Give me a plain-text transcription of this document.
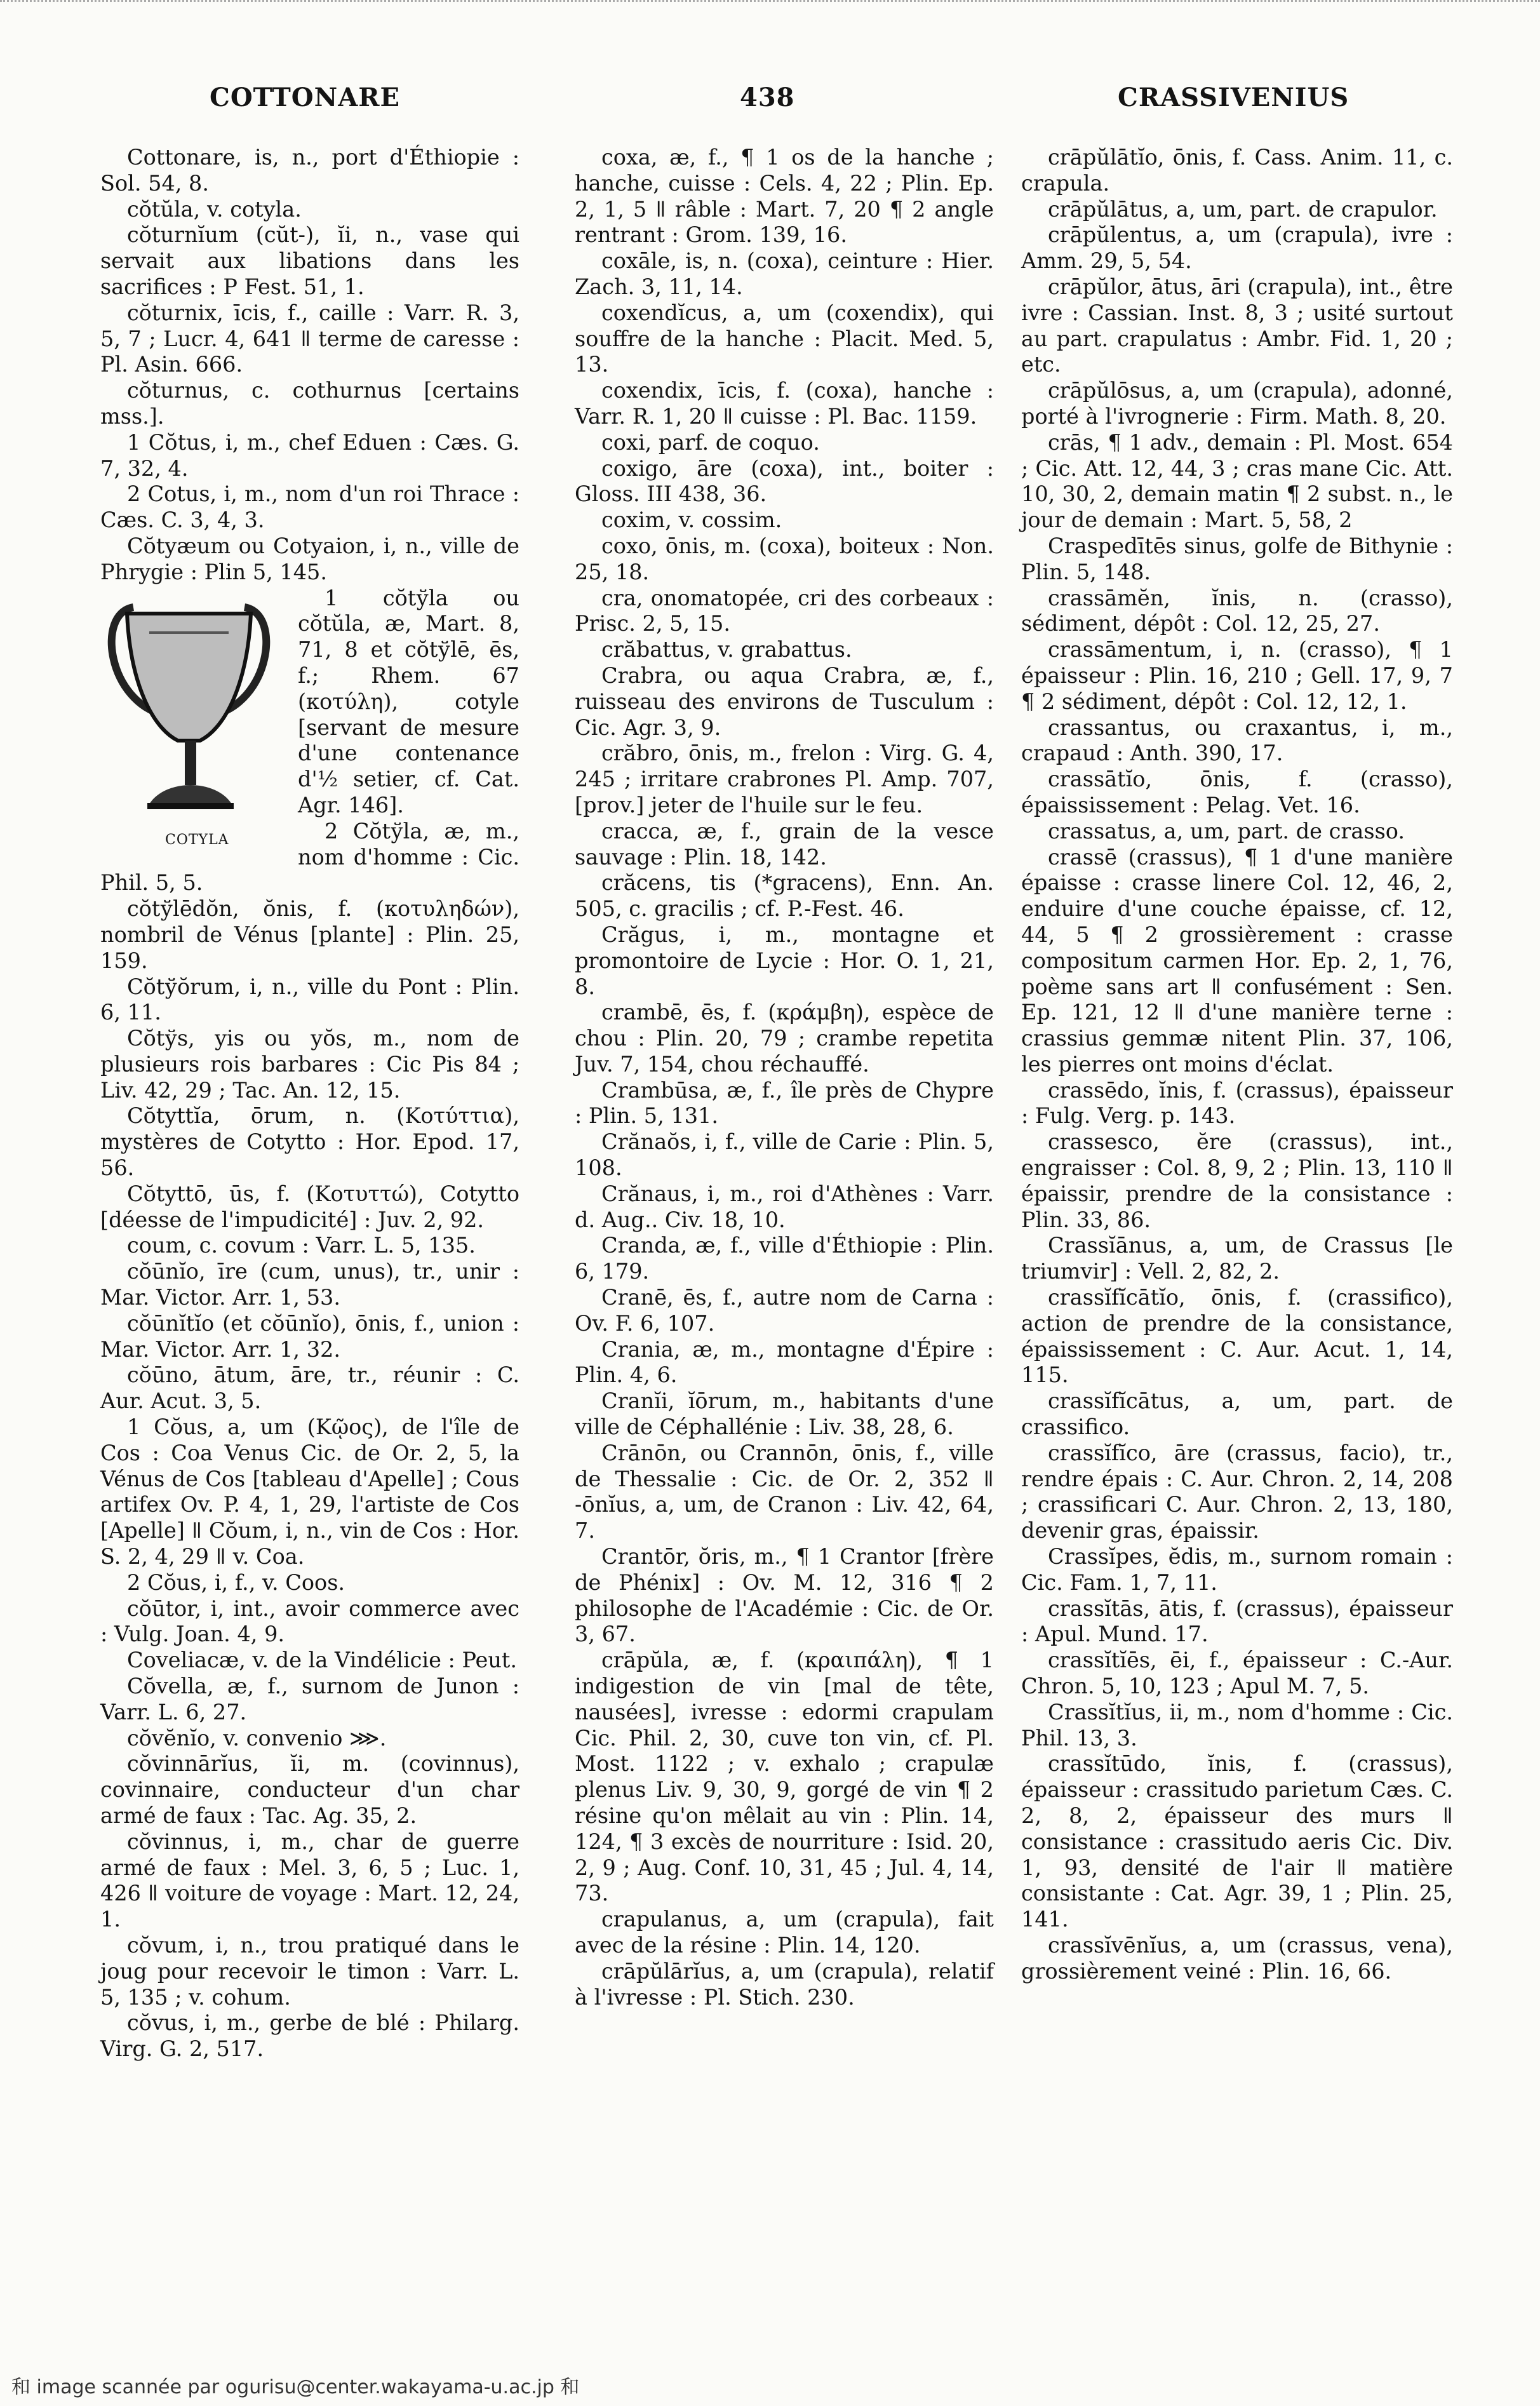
COTTONARE	438	CRASSIVENIUS

Cottonare, is, n., port d'Éthiopie : Sol. 54, 8.

cŏtŭla, v. cotyla.

cŏturnĭum (cŭt-), ĭi, n., vase qui servait aux libations dans les sacrifices : P Fest. 51, 1.

cŏturnix, īcis, f., caille : Varr. R. 3, 5, 7 ; Lucr. 4, 641 ǁ terme de caresse : Pl. Asin. 666.

cŏturnus, c. cothurnus [certains mss.].

1 Cŏtus, i, m., chef Eduen : Cæs. G. 7, 32, 4.

2 Cotus, i, m., nom d'un roi Thrace : Cæs. C. 3, 4, 3.

Cŏtyæum ou Cotyaion, i, n., ville de Phrygie : Plin 5, 145.

COTYLA

1 cŏtўla ou cŏtŭla, æ, Mart. 8, 71, 8 et cŏtўlē, ēs, f.; Rhem. 67 (κοτύλη), cotyle [servant de mesure d'une contenance d'½ setier, cf. Cat. Agr. 146].

2 Cŏtўla, æ, m., nom d'homme : Cic. Phil. 5, 5.

cŏtўlēdŏn, ŏnis, f. (κοτυληδών), nombril de Vénus [plante] : Plin. 25, 159.

Cŏtўŏrum, i, n., ville du Pont : Plin. 6, 11.

Cŏtўs, yis ou yŏs, m., nom de plusieurs rois barbares : Cic Pis 84 ; Liv. 42, 29 ; Tac. An. 12, 15.

Cŏtyttĭa, ōrum, n. (Κοτύττια), mystères de Cotytto : Hor. Epod. 17, 56.

Cŏtyttō, ūs, f. (Κοτυττώ), Cotytto [déesse de l'impudicité] : Juv. 2, 92.

coum, c. covum : Varr. L. 5, 135.

cŏūnĭo, īre (cum, unus), tr., unir : Mar. Victor. Arr. 1, 53.

cŏūnĭtĭo (et cŏūnĭo), ōnis, f., union : Mar. Victor. Arr. 1, 32.

cŏūno, ātum, āre, tr., réunir : C. Aur. Acut. 3, 5.

1 Cŏus, a, um (Κῷος), de l'île de Cos : Coa Venus Cic. de Or. 2, 5, la Vénus de Cos [tableau d'Apelle] ; Cous artifex Ov. P. 4, 1, 29, l'artiste de Cos [Apelle] ǁ Cŏum, i, n., vin de Cos : Hor. S. 2, 4, 29 ǁ v. Coa.

2 Cŏus, i, f., v. Coos.

cŏūtor, i, int., avoir commerce avec : Vulg. Joan. 4, 9.

Coveliacæ, v. de la Vindélicie : Peut.

Cŏvella, æ, f., surnom de Junon : Varr. L. 6, 27.

cŏvĕnĭo, v. convenio ⋙.

cŏvinnārĭus, ĭi, m. (covinnus), covinnaire, conducteur d'un char armé de faux : Tac. Ag. 35, 2.

cŏvinnus, i, m., char de guerre armé de faux : Mel. 3, 6, 5 ; Luc. 1, 426 ǁ voiture de voyage : Mart. 12, 24, 1.

cŏvum, i, n., trou pratiqué dans le joug pour recevoir le timon : Varr. L. 5, 135 ; v. cohum.

cŏvus, i, m., gerbe de blé : Philarg. Virg. G. 2, 517.

coxa, æ, f., ¶ 1 os de la hanche ; hanche, cuisse : Cels. 4, 22 ; Plin. Ep. 2, 1, 5 ǁ râble : Mart. 7, 20 ¶ 2 angle rentrant : Grom. 139, 16.

coxāle, is, n. (coxa), ceinture : Hier. Zach. 3, 11, 14.

coxendĭcus, a, um (coxendix), qui souffre de la hanche : Placit. Med. 5, 13.

coxendix, īcis, f. (coxa), hanche : Varr. R. 1, 20 ǁ cuisse : Pl. Bac. 1159.

coxi, parf. de coquo.

coxigo, āre (coxa), int., boiter : Gloss. III 438, 36.

coxim, v. cossim.

coxo, ōnis, m. (coxa), boiteux : Non. 25, 18.

cra, onomatopée, cri des corbeaux : Prisc. 2, 5, 15.

crăbattus, v. grabattus.

Crabra, ou aqua Crabra, æ, f., ruisseau des environs de Tusculum : Cic. Agr. 3, 9.

crăbro, ōnis, m., frelon : Virg. G. 4, 245 ; irritare crabrones Pl. Amp. 707, [prov.] jeter de l'huile sur le feu.

cracca, æ, f., grain de la vesce sauvage : Plin. 18, 142.

crăcens, tis (*gracens), Enn. An. 505, c. gracilis ; cf. P.-Fest. 46.

Crăgus, i, m., montagne et promontoire de Lycie : Hor. O. 1, 21, 8.

crambē, ēs, f. (κράμβη), espèce de chou : Plin. 20, 79 ; crambe repetita Juv. 7, 154, chou réchauffé.

Crambūsa, æ, f., île près de Chypre : Plin. 5, 131.

Crănaŏs, i, f., ville de Carie : Plin. 5, 108.

Crănaus, i, m., roi d'Athènes : Varr. d. Aug.. Civ. 18, 10.

Cranda, æ, f., ville d'Éthiopie : Plin. 6, 179.

Cranē, ēs, f., autre nom de Carna : Ov. F. 6, 107.

Crania, æ, m., montagne d'Épire : Plin. 4, 6.

Cranĭi, ĭōrum, m., habitants d'une ville de Céphallénie : Liv. 38, 28, 6.

Crānōn, ou Crannōn, ōnis, f., ville de Thessalie : Cic. de Or. 2, 352 ǁ -ōnĭus, a, um, de Cranon : Liv. 42, 64, 7.

Crantōr, ŏris, m., ¶ 1 Crantor [frère de Phénix] : Ov. M. 12, 316 ¶ 2 philosophe de l'Académie : Cic. de Or. 3, 67.

crāpŭla, æ, f. (κραιπάλη), ¶ 1 indigestion de vin [mal de tête, nausées], ivresse : edormi crapulam Cic. Phil. 2, 30, cuve ton vin, cf. Pl. Most. 1122 ; v. exhalo ; crapulæ plenus Liv. 9, 30, 9, gorgé de vin ¶ 2 résine qu'on mêlait au vin : Plin. 14, 124, ¶ 3 excès de nourriture : Isid. 20, 2, 9 ; Aug. Conf. 10, 31, 45 ; Jul. 4, 14, 73.

crapulanus, a, um (crapula), fait avec de la résine : Plin. 14, 120.

crāpŭlārĭus, a, um (crapula), relatif à l'ivresse : Pl. Stich. 230.

crāpŭlātĭo, ōnis, f. Cass. Anim. 11, c. crapula.

crāpŭlātus, a, um, part. de crapulor.

crāpŭlentus, a, um (crapula), ivre : Amm. 29, 5, 54.

crāpŭlor, ātus, āri (crapula), int., être ivre : Cassian. Inst. 8, 3 ; usité surtout au part. crapulatus : Ambr. Fid. 1, 20 ; etc.

crāpŭlōsus, a, um (crapula), adonné, porté à l'ivrognerie : Firm. Math. 8, 20.

crās, ¶ 1 adv., demain : Pl. Most. 654 ; Cic. Att. 12, 44, 3 ; cras mane Cic. Att. 10, 30, 2, demain matin ¶ 2 subst. n., le jour de demain : Mart. 5, 58, 2

Craspedītēs sinus, golfe de Bithynie : Plin. 5, 148.

crassāmĕn, ĭnis, n. (crasso), sédiment, dépôt : Col. 12, 25, 27.

crassāmentum, i, n. (crasso), ¶ 1 épaisseur : Plin. 16, 210 ; Gell. 17, 9, 7 ¶ 2 sédiment, dépôt : Col. 12, 12, 1.

crassantus, ou craxantus, i, m., crapaud : Anth. 390, 17.

crassātĭo, ōnis, f. (crasso), épaississement : Pelag. Vet. 16.

crassatus, a, um, part. de crasso.

crassē (crassus), ¶ 1 d'une manière épaisse : crasse linere Col. 12, 46, 2, enduire d'une couche épaisse, cf. 12, 44, 5 ¶ 2 grossièrement : crasse compositum carmen Hor. Ep. 2, 1, 76, poème sans art ǁ confusément : Sen. Ep. 121, 12 ǁ d'une manière terne : crassius gemmæ nitent Plin. 37, 106, les pierres ont moins d'éclat.

crassēdo, ĭnis, f. (crassus), épaisseur : Fulg. Verg. p. 143.

crassesco, ĕre (crassus), int., engraisser : Col. 8, 9, 2 ; Plin. 13, 110 ǁ épaissir, prendre de la consistance : Plin. 33, 86.

Crassĭānus, a, um, de Crassus [le triumvir] : Vell. 2, 82, 2.

crassĭfĭcātĭo, ōnis, f. (crassifico), action de prendre de la consistance, épaississement : C. Aur. Acut. 1, 14, 115.

crassĭfĭcātus, a, um, part. de crassifico.

crassĭfĭco, āre (crassus, facio), tr., rendre épais : C. Aur. Chron. 2, 14, 208 ; crassificari C. Aur. Chron. 2, 13, 180, devenir gras, épaissir.

Crassĭpes, ĕdis, m., surnom romain : Cic. Fam. 1, 7, 11.

crassĭtās, ātis, f. (crassus), épaisseur : Apul. Mund. 17.

crassĭtĭēs, ēi, f., épaisseur : C.-Aur. Chron. 5, 10, 123 ; Apul M. 7, 5.

Crassĭtĭus, ii, m., nom d'homme : Cic. Phil. 13, 3.

crassĭtūdo, ĭnis, f. (crassus), épaisseur : crassitudo parietum Cæs. C. 2, 8, 2, épaisseur des murs ǁ consistance : crassitudo aeris Cic. Div. 1, 93, densité de l'air ǁ matière consistante : Cat. Agr. 39, 1 ; Plin. 25, 141.

crassĭvēnĭus, a, um (crassus, vena), grossièrement veiné : Plin. 16, 66.

和 image scannée par ogurisu@center.wakayama-u.ac.jp 和
